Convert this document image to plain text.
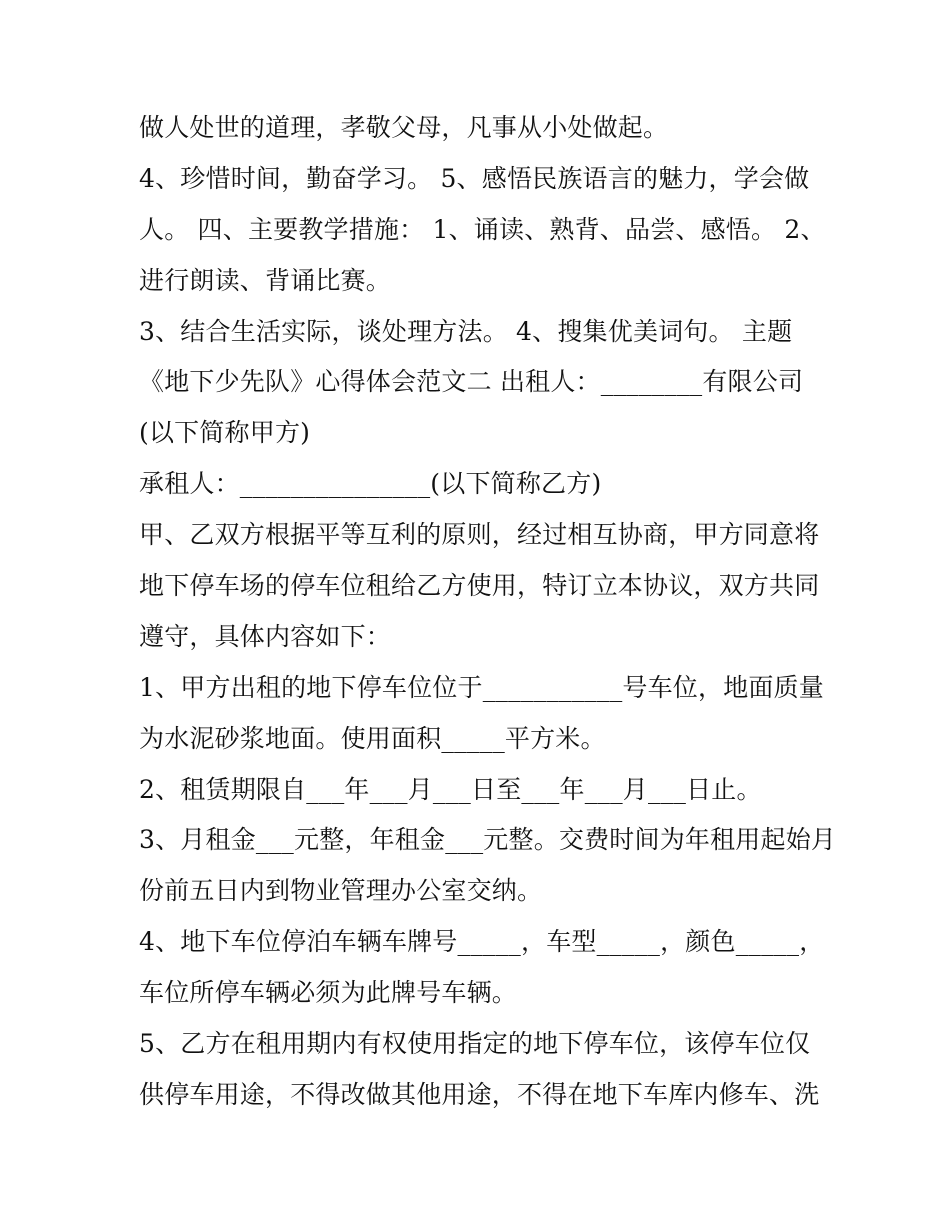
做人处世的道理，孝敬父母，凡事从小处做起。
4、珍惜时间，勤奋学习。 5、感悟民族语言的魅力，学会做
人。 四、主要教学措施： 1、诵读、熟背、品尝、感悟。 2、
进行朗读、背诵比赛。
3、结合生活实际，谈处理方法。 4、搜集优美词句。 主题
《地下少先队》心得体会范文二 出租人：________有限公司
(以下简称甲方)
承租人：_______________(以下简称乙方)
甲、乙双方根据平等互利的原则，经过相互协商，甲方同意将
地下停车场的停车位租给乙方使用，特订立本协议，双方共同
遵守，具体内容如下：
1、甲方出租的地下停车位位于___________号车位，地面质量
为水泥砂浆地面。使用面积_____平方米。
2、租赁期限自___年___月___日至___年___月___日止。
3、月租金___元整，年租金___元整。交费时间为年租用起始月
份前五日内到物业管理办公室交纳。
4、地下车位停泊车辆车牌号_____，车型_____，颜色_____，
车位所停车辆必须为此牌号车辆。
5、乙方在租用期内有权使用指定的地下停车位，该停车位仅
供停车用途，不得改做其他用途，不得在地下车库内修车、洗
